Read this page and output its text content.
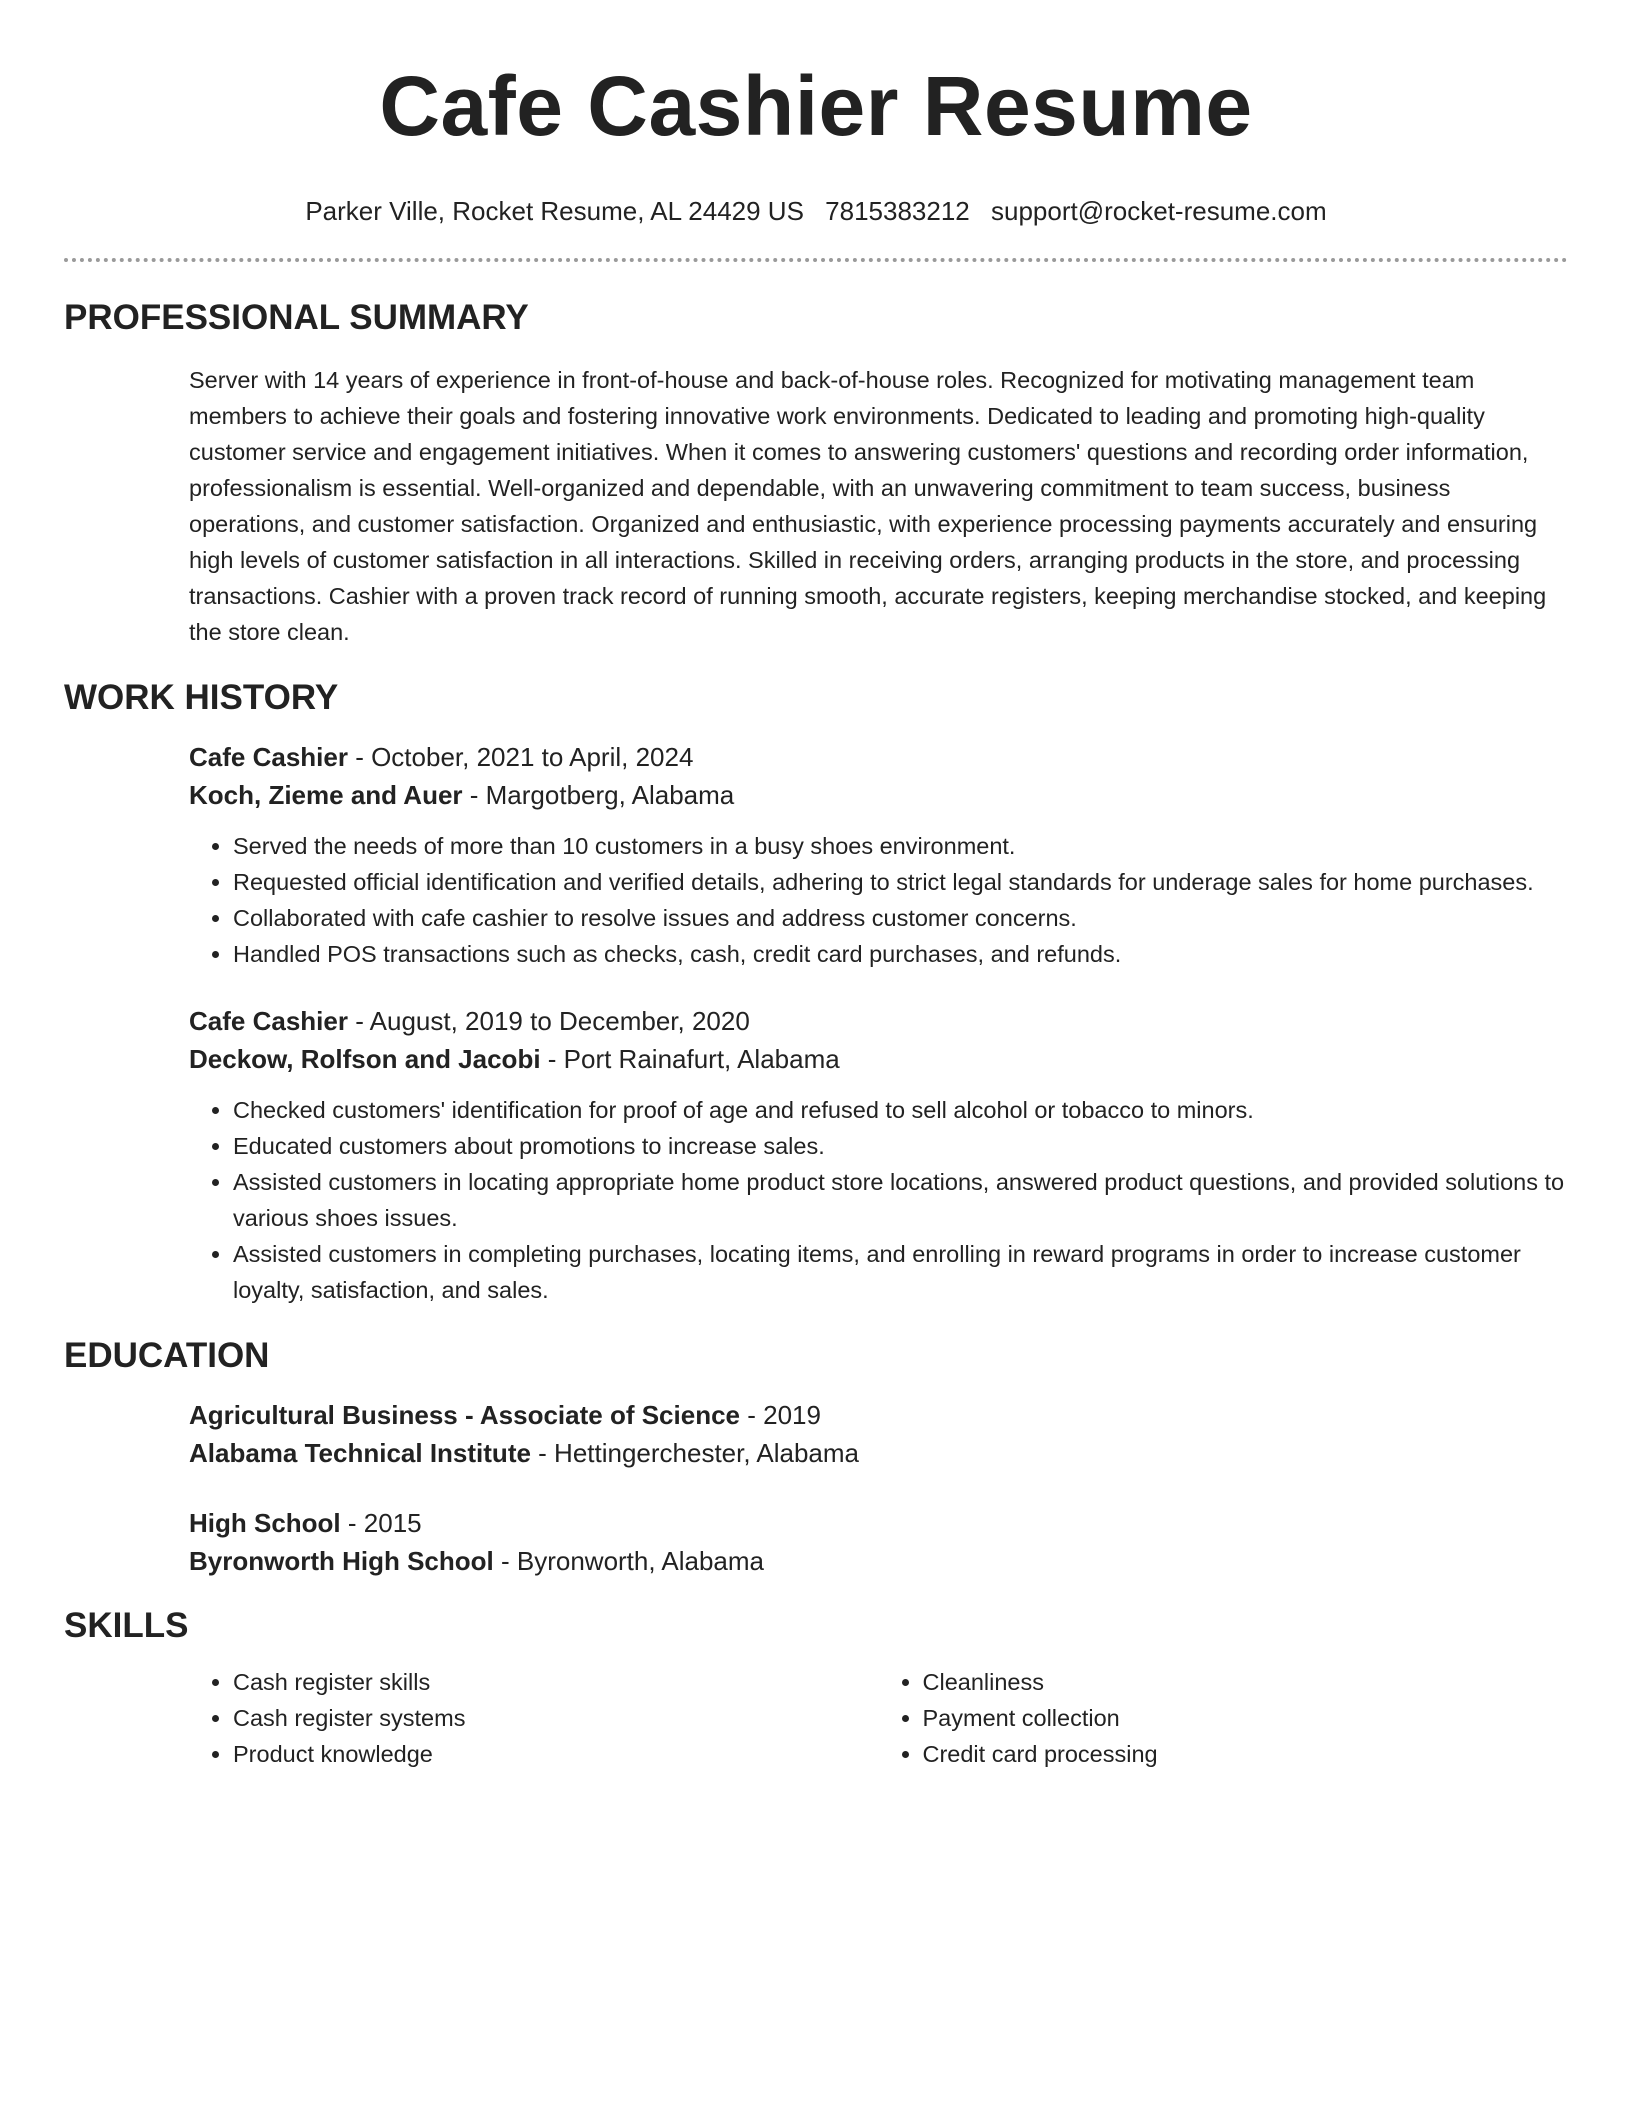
Cafe Cashier Resume
Parker Ville, Rocket Resume, AL 24429 US 7815383212 support@rocket-resume.com
PROFESSIONAL SUMMARY

Server with 14 years of experience in front-of-house and back-of-house roles. Recognized for motivating management team members to achieve their goals and fostering innovative work environments. Dedicated to leading and promoting high-quality customer service and engagement initiatives. When it comes to answering customers' questions and recording order information, professionalism is essential. Well-organized and dependable, with an unwavering commitment to team success, business operations, and customer satisfaction. Organized and enthusiastic, with experience processing payments accurately and ensuring high levels of customer satisfaction in all interactions. Skilled in receiving orders, arranging products in the store, and processing transactions. Cashier with a proven track record of running smooth, accurate registers, keeping merchandise stocked, and keeping the store clean.

WORK HISTORY

Cafe Cashier - October, 2021 to April, 2024

Koch, Zieme and Auer - Margotberg, Alabama

• Served the needs of more than 10 customers in a busy shoes environment.
• Requested official identification and verified details, adhering to strict legal standards for underage sales for home purchases.
• Collaborated with cafe cashier to resolve issues and address customer concerns.
• Handled POS transactions such as checks, cash, credit card purchases, and refunds.

Cafe Cashier - August, 2019 to December, 2020

Deckow, Rolfson and Jacobi - Port Rainafurt, Alabama

• Checked customers' identification for proof of age and refused to sell alcohol or tobacco to minors.
• Educated customers about promotions to increase sales.
• Assisted customers in locating appropriate home product store locations, answered product questions, and provided solutions to various shoes issues.
• Assisted customers in completing purchases, locating items, and enrolling in reward programs in order to increase customer loyalty, satisfaction, and sales.
EDUCATION

Agricultural Business - Associate of Science - 2019

Alabama Technical Institute - Hettingerchester, Alabama

High School - 2015

Byronworth High School - Byronworth, Alabama

SKILLS
• Cash register skills
• Cash register systems
• Product knowledge
• Cleanliness
• Payment collection
• Credit card processing
